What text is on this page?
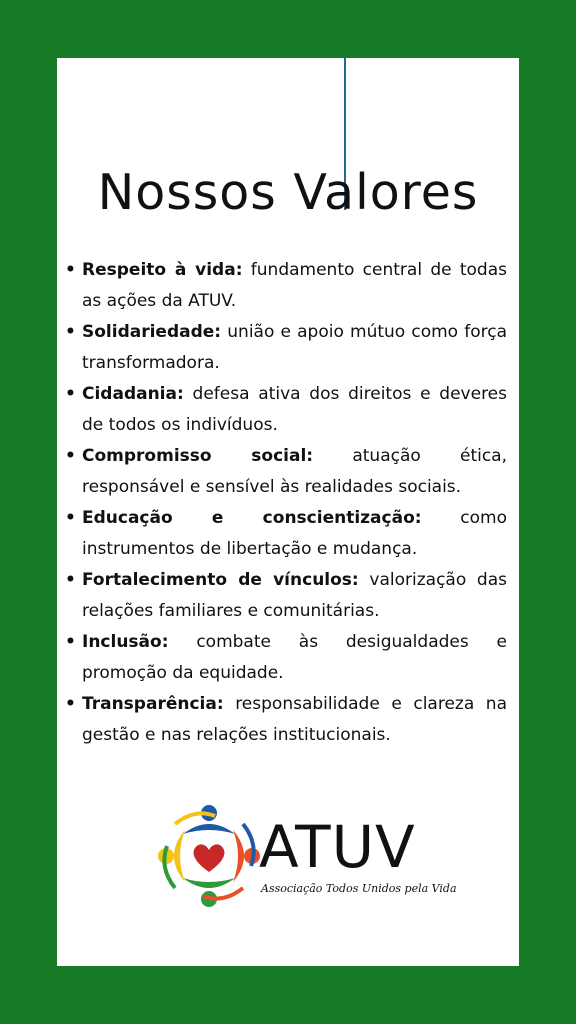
Nossos Valores
• Respeito à vida: fundamento central de todas as ações da ATUV.
• Solidariedade: união e apoio mútuo como força transformadora.
• Cidadania: defesa ativa dos direitos e deveres de todos os indivíduos.
• Compromisso social: atuação ética, responsável e sensível às realidades sociais.
• Educação e conscientização: como instrumentos de libertação e mudança.
• Fortalecimento de vínculos: valorização das relações familiares e comunitárias.
• Inclusão: combate às desigualdades e promoção da equidade.
• Transparência: responsabilidade e clareza na gestão e nas relações institucionais.
ATUV
Associação Todos Unidos pela Vida
